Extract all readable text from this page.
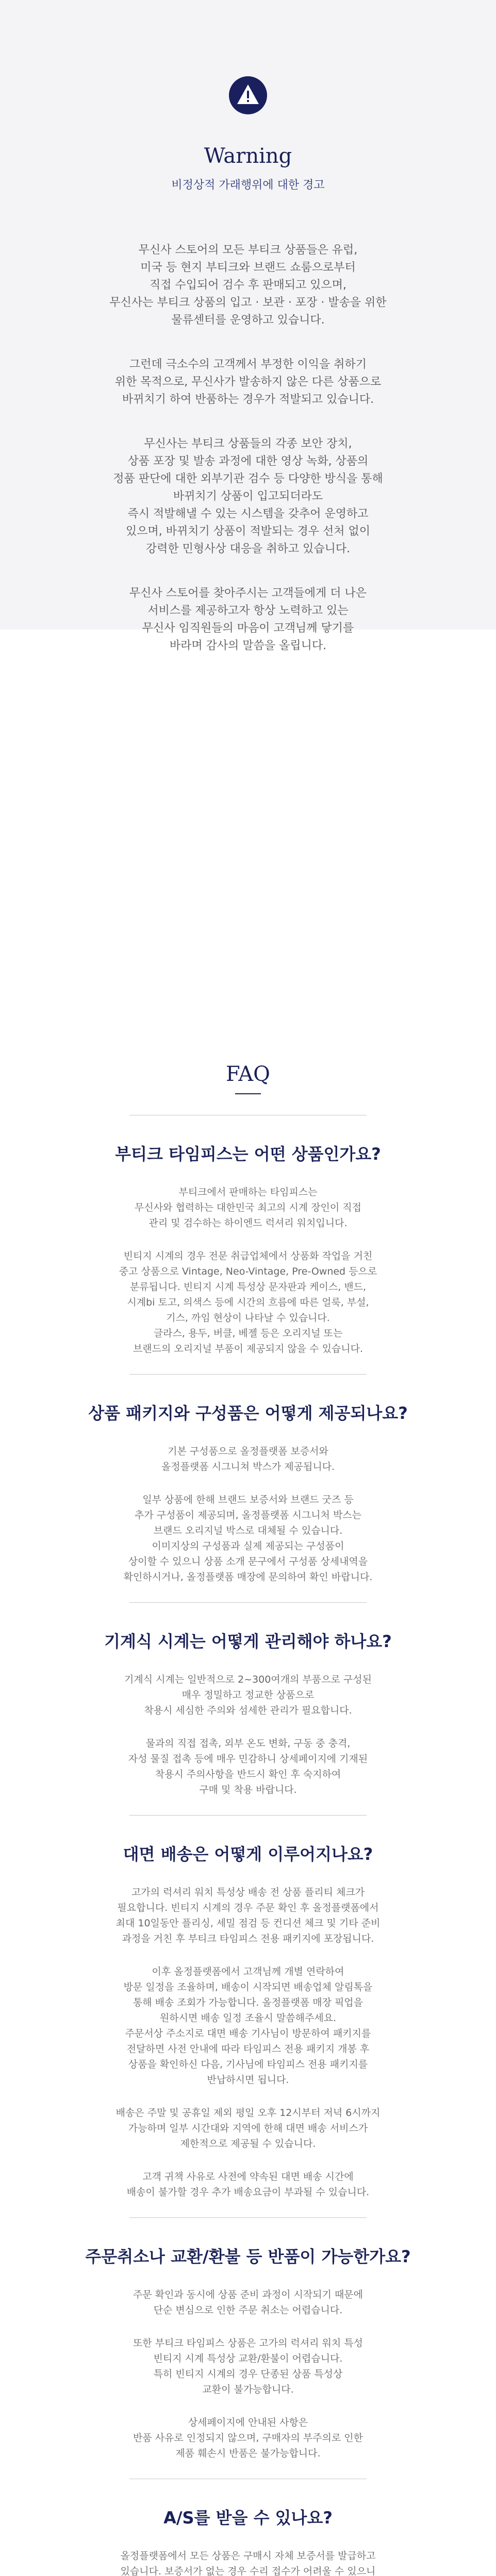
Warning

비정상적 가래행위에 대한 경고

무신사 스토어의 모든 부티크 상품들은 유럽,
미국 등 현지 부티크와 브랜드 쇼룸으로부터
직접 수입되어 검수 후 판매되고 있으며,
무신사는 부티크 상품의 입고 · 보관 · 포장 · 발송을 위한
물류센터를 운영하고 있습니다.

그런데 극소수의 고객께서 부정한 이익을 취하기
위한 목적으로, 무신사가 발송하지 않은 다른 상품으로
바뀌치기 하여 반품하는 경우가 적발되고 있습니다.

무신사는 부티크 상품들의 각종 보안 장치,
상품 포장 및 발송 과정에 대한 영상 녹화, 상품의
정품 판단에 대한 외부기관 검수 등 다양한 방식을 통해
바뀌치기 상품이 입고되더라도
즉시 적발해낼 수 있는 시스템을 갖추어 운영하고
있으며, 바뀌치기 상품이 적발되는 경우 선처 없이
강력한 민형사상 대응을 취하고 있습니다.

무신사 스토어를 찾아주시는 고객들에게 더 나은
서비스를 제공하고자 항상 노력하고 있는
무신사 임직원들의 마음이 고객님께 닿기를
바라며 감사의 말씀을 올립니다.

FAQ
부티크 타임피스는 어떤 상품인가요?

부티크에서 판매하는 타임피스는
무신사와 협력하는 대한민국 최고의 시계 장인이 직접
관리 및 검수하는 하이엔드 럭셔리 워치입니다.

빈티지 시계의 경우 전문 취급업체에서 상품화 작업을 거친
중고 상품으로 Vintage, Neo-Vintage, Pre-Owned 등으로
분류됩니다. 빈티지 시계 특성상 문자판과 케이스, 밴드,
시계bi 토고, 의색스 등에 시간의 흐름에 따른 얼룩, 부설,
기스, 까임 현상이 나타날 수 있습니다.
글라스, 용두, 버클, 베젤 등은 오리지널 또는
브랜드의 오리지널 부품이 제공되지 않을 수 있습니다.

상품 패키지와 구성품은 어떻게 제공되나요?

기본 구성품으로 올정플랫폼 보증서와
올정플랫폼 시그니쳐 박스가 제공됩니다.

일부 상품에 한해 브랜드 보증서와 브랜드 굿즈 등
추가 구성품이 제공되며, 올정플랫폼 시그니처 박스는
브랜드 오리지널 박스로 대체될 수 있습니다.
이미지상의 구성품과 실제 제공되는 구성품이
상이할 수 있으니 상품 소개 문구에서 구성품 상세내역을
확인하시거나, 올정플랫폼 매장에 문의하여 확인 바랍니다.

기계식 시계는 어떻게 관리해야 하나요?

기계식 시계는 일반적으로 2~300여개의 부품으로 구성된
매우 정밀하고 정교한 상품으로
착용시 세심한 주의와 섬세한 관리가 필요합니다.

물과의 직접 접촉, 외부 온도 변화, 구동 중 충격,
자성 물질 접촉 등에 매우 민감하니 상세페이지에 기재된
착용시 주의사항을 반드시 확인 후 숙지하여
구매 및 착용 바랍니다.

대면 배송은 어떻게 이루어지나요?

고가의 럭셔리 워치 특성상 배송 전 상품 플리티 체크가
필요합니다. 빈티지 시계의 경우 주문 확인 후 올정플랫폼에서
최대 10일동안 플리싱, 세밀 점검 등 컨디션 체크 및 기타 준비
과정을 거친 후 부티크 타임피스 전용 패키지에 포장됩니다.

이후 올정플랫폼에서 고객님께 개별 연락하여
방문 일정을 조율하며, 배송이 시작되면 배송업체 알림톡을
통해 배송 조회가 가능합니다. 올정플랫폼 매장 픽업을
원하시면 배송 일정 조율시 말씀해주세요.
주문서상 주소지로 대면 배송 기사님이 방문하여 패키지를
전달하면 사전 안내에 따라 타임피스 전용 패키지 개봉 후
상품을 확인하신 다음, 기사님에 타임피스 전용 패키지를
반납하시면 됩니다.

배송은 주말 및 공휴일 제외 평일 오후 12시부터 저녁 6시까지
가능하며 일부 시간대와 지역에 한해 대면 배송 서비스가
제한적으로 제공될 수 있습니다.

고객 귀책 사유로 사전에 약속된 대면 배송 시간에
배송이 불가할 경우 추가 배송요금이 부과될 수 있습니다.

주문취소나 교환/환불 등 반품이 가능한가요?

주문 확인과 동시에 상품 준비 과정이 시작되기 때문에
단순 변심으로 인한 주문 취소는 어렵습니다.

또한 부티크 타임피스 상품은 고가의 럭셔리 워치 특성
빈티지 시계 특성상 교환/환불이 어렵습니다.
특히 빈티지 시계의 경우 단종된 상품 특성상
교환이 불가능합니다.

상세페이지에 안내된 사항은
반품 사유로 인정되지 않으며, 구매자의 부주의로 인한
제품 훼손시 반품은 불가능합니다.

A/S를 받을 수 있나요?

올정플랫폼에서 모든 상품은 구매시 자체 보증서를 발급하고
있습니다. 보증서가 없는 경우 수리 접수가 어려울 수 있으니
